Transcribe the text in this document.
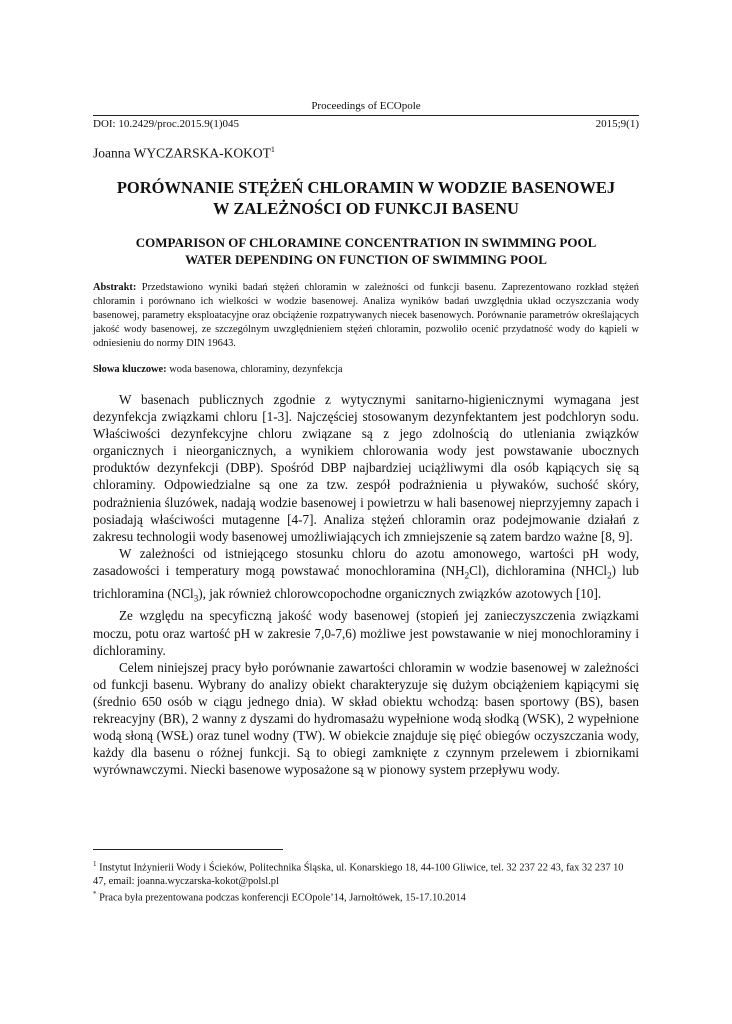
Proceedings of ECOpole
DOI: 10.2429/proc.2015.9(1)045	2015;9(1)
Joanna WYCZARSKA-KOKOT$^1$
PORÓWNANIE STĘŻEŃ CHLORAMIN W WODZIE BASENOWEJ
W ZALEŻNOŚCI OD FUNKCJI BASENU
COMPARISON OF CHLORAMINE CONCENTRATION IN SWIMMING POOL
WATER DEPENDING ON FUNCTION OF SWIMMING POOL
Abstrakt: Przedstawiono wyniki badań stężeń chloramin w zależności od funkcji basenu. Zaprezentowano rozkład stężeń chloramin i porównano ich wielkości w wodzie basenowej. Analiza wyników badań uwzględnia układ oczyszczania wody basenowej, parametry eksploatacyjne oraz obciążenie rozpatrywanych niecek basenowych. Porównanie parametrów określających jakość wody basenowej, ze szczególnym uwzględnieniem stężeń chloramin, pozwoliło ocenić przydatność wody do kąpieli w odniesieniu do normy DIN 19643.
Słowa kluczowe: woda basenowa, chloraminy, dezynfekcja

W basenach publicznych zgodnie z wytycznymi sanitarno-higienicznymi wymagana jest dezynfekcja związkami chloru [1-3]. Najczęściej stosowanym dezynfektantem jest podchloryn sodu. Właściwości dezynfekcyjne chloru związane są z jego zdolnością do utleniania związków organicznych i nieorganicznych, a wynikiem chlorowania wody jest powstawanie ubocznych produktów dezynfekcji (DBP). Spośród DBP najbardziej uciążliwymi dla osób kąpiących się są chloraminy. Odpowiedzialne są one za tzw. zespół podrażnienia u pływaków, suchość skóry, podrażnienia śluzówek, nadają wodzie basenowej i powietrzu w hali basenowej nieprzyjemny zapach i posiadają właściwości mutagenne [4-7]. Analiza stężeń chloramin oraz podejmowanie działań z zakresu technologii wody basenowej umożliwiających ich zmniejszenie są zatem bardzo ważne [8, 9].

W zależności od istniejącego stosunku chloru do azotu amonowego, wartości pH wody, zasadowości i temperatury mogą powstawać monochloramina $(NH_2Cl)$, dichloramina (NHCl$_2$) lub trichloramina (NCl$_3$), jak również chlorowcopochodne organicznych związków azotowych [10].

Ze względu na specyficzną jakość wody basenowej (stopień jej zanieczyszczenia związkami moczu, potu oraz wartość pH w zakresie 7,0-7,6) możliwe jest powstawanie w niej monochloraminy i dichloraminy.

Celem niniejszej pracy było porównanie zawartości chloramin w wodzie basenowej w zależności od funkcji basenu. Wybrany do analizy obiekt charakteryzuje się dużym obciążeniem kąpiącymi się (średnio 650 osób w ciągu jednego dnia). W skład obiektu wchodzą: basen sportowy (BS), basen rekreacyjny (BR), 2 wanny z dyszami do hydromasażu wypełnione wodą słodką (WSK), 2 wypełnione wodą słoną (WSŁ) oraz tunel wodny (TW). W obiekcie znajduje się pięć obiegów oczyszczania wody, każdy dla basenu o różnej funkcji. Są to obiegi zamknięte z czynnym przelewem i zbiornikami wyrównawczymi. Niecki basenowe wyposażone są w pionowy system przepływu wody.

$^1$ Instytut Inżynierii Wody i Ścieków, Politechnika Śląska, ul. Konarskiego 18, 44-100 Gliwice, tel. 32 237 22 43, fax 32 237 10 47, email: joanna.wyczarska-kokot@polsl.pl

* Praca była prezentowana podczas konferencji ECOpole’14, Jarnołtówek, 15-17.10.2014
